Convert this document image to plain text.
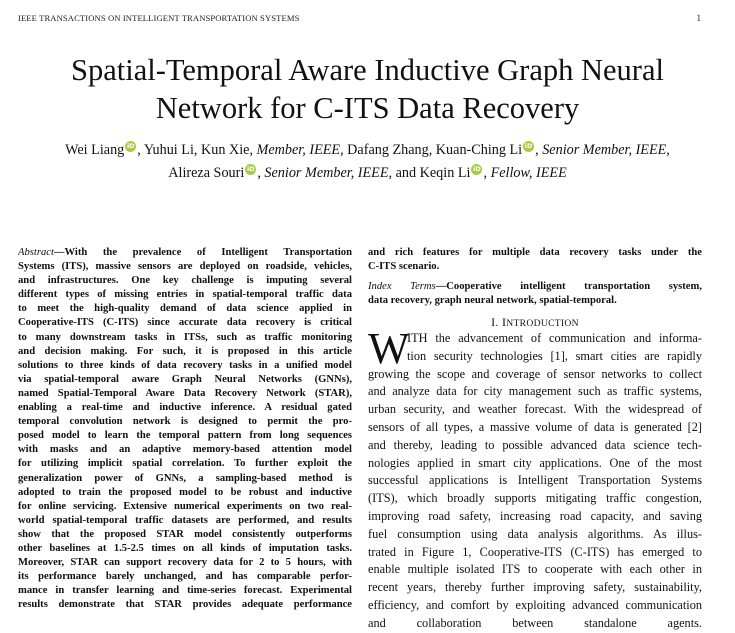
IEEE TRANSACTIONS ON INTELLIGENT TRANSPORTATION SYSTEMS	1
Spatial-Temporal Aware Inductive Graph Neural
Network for C-ITS Data Recovery
Wei Liang iD , Yuhui Li, Kun Xie, Member, IEEE, Dafang Zhang, Kuan-Ching Li iD , Senior Member, IEEE,
Alireza Souri iD , Senior Member, IEEE, and Keqin Li iD , Fellow, IEEE
Abstract—With the prevalence of Intelligent Transportation
Systems (ITS), massive sensors are deployed on roadside, vehicles,
and infrastructures. One key challenge is imputing several
different types of missing entries in spatial-temporal traffic data
to meet the high-quality demand of data science applied in
Cooperative-ITS (C-ITS) since accurate data recovery is critical
to many downstream tasks in ITSs, such as traffic monitoring
and decision making. For such, it is proposed in this article
solutions to three kinds of data recovery tasks in a unified model
via spatial-temporal aware Graph Neural Networks (GNNs),
named Spatial-Temporal Aware Data Recovery Network (STAR),
enabling a real-time and inductive inference. A residual gated
temporal convolution network is designed to permit the pro-
posed model to learn the temporal pattern from long sequences
with masks and an adaptive memory-based attention model
for utilizing implicit spatial correlation. To further exploit the
generalization power of GNNs, a sampling-based method is
adopted to train the proposed model to be robust and inductive
for online servicing. Extensive numerical experiments on two real-
world spatial-temporal traffic datasets are performed, and results
show that the proposed STAR model consistently outperforms
other baselines at 1.5-2.5 times on all kinds of imputation tasks.
Moreover, STAR can support recovery data for 2 to 5 hours, with
its performance barely unchanged, and has comparable perfor-
mance in transfer learning and time-series forecast. Experimental
results demonstrate that STAR provides adequate performance
and rich features for multiple data recovery tasks under the
C-ITS scenario.
Index Terms—Cooperative intelligent transportation system,
data recovery, graph neural network, spatial-temporal.
I. INTRODUCTION
W
ITH the advancement of communication and informa-
tion security technologies [1], smart cities are rapidly
growing the scope and coverage of sensor networks to collect
and analyze data for city management such as traffic systems,
urban security, and weather forecast. With the widespread of
sensors of all types, a massive volume of data is generated [2]
and thereby, leading to possible advanced data science tech-
nologies applied in smart city applications. One of the most
successful applications is Intelligent Transportation Systems
(ITS), which broadly supports mitigating traffic congestion,
improving road safety, increasing road capacity, and saving
fuel consumption using data analysis algorithms. As illus-
trated in Figure 1, Cooperative-ITS (C-ITS) has emerged to
enable multiple isolated ITS to cooperate with each other in
recent years, thereby further improving safety, sustainability,
efficiency, and comfort by exploiting advanced communication
and collaboration between standalone agents.
